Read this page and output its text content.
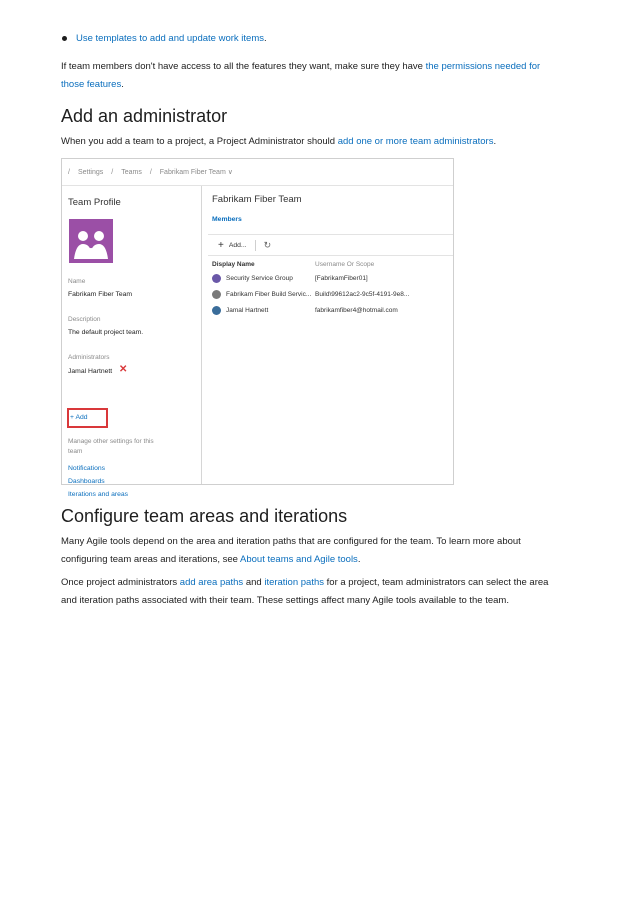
Use templates to add and update work items .
If team members don't have access to all the features they want, make sure they have the permissions needed for those features.
Add an administrator
When you add a team to a project, a Project Administrator should add one or more team administrators.
Configure team areas and iterations
Many Agile tools depend on the area and iteration paths that are configured for the team. To learn more about configuring team areas and iterations, see About teams and Agile tools.
Once project administrators add area paths and iteration paths for a project, team administrators can select the area and iteration paths associated with their team. These settings affect many Agile tools available to the team.
/ Settings / Teams / Fabrikam Fiber Team ∨
Team Profile
Name
Fabrikam Fiber Team
Description
The default project team.
Administrators
Jamal Hartnett ✕
+ Add
Manage other settings for this
team
Notifications
Dashboards
Iterations and areas
Fabrikam Fiber Team
Members
+ Add... ↻
Display Name	Username Or Scope
Security Service Group	[FabrikamFiber01]
Fabrikam Fiber Build Servic... Build\99612ac2-9c5f-4191-9e8...
Jamal Hartnett	fabrikamfiber4@hotmail.com
